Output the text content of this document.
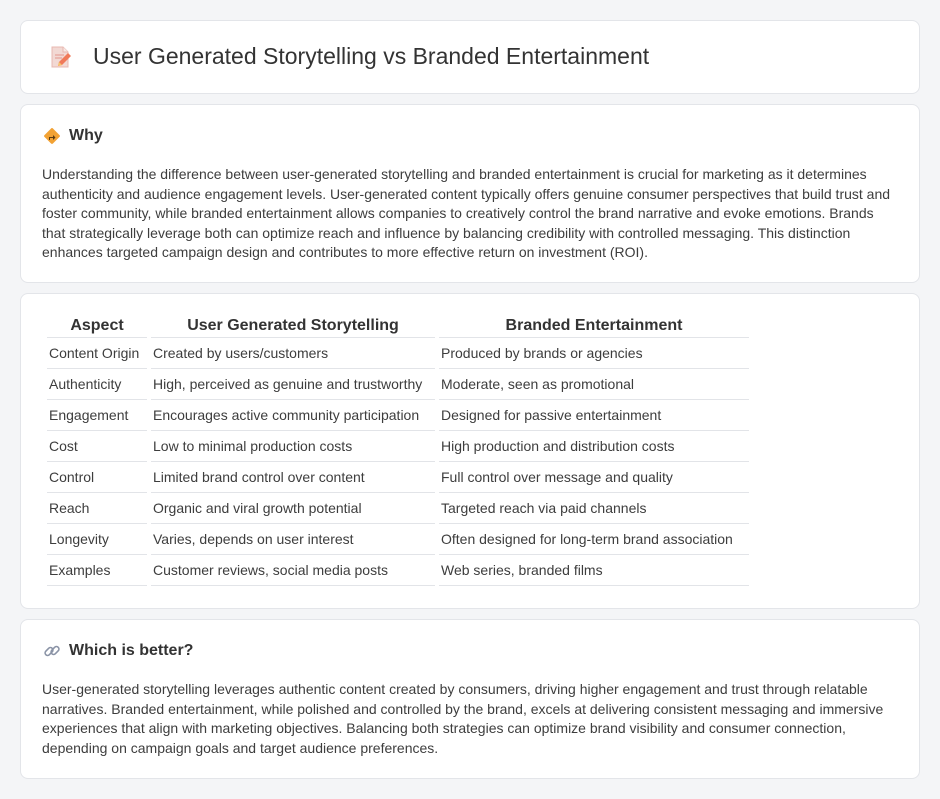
User Generated Storytelling vs Branded Entertainment
Why

Understanding the difference between user-generated storytelling and branded entertainment is crucial for marketing as it determines authenticity and audience engagement levels. User-generated content typically offers genuine consumer perspectives that build trust and foster community, while branded entertainment allows companies to creatively control the brand narrative and evoke emotions. Brands that strategically leverage both can optimize reach and influence by balancing credibility with controlled messaging. This distinction enhances targeted campaign design and contributes to more effective return on investment (ROI).

Aspect	User Generated Storytelling	Branded Entertainment
Content Origin	Created by users/customers	Produced by brands or agencies
Authenticity	High, perceived as genuine and trustworthy	Moderate, seen as promotional
Engagement	Encourages active community participation	Designed for passive entertainment
Cost	Low to minimal production costs	High production and distribution costs
Control	Limited brand control over content	Full control over message and quality
Reach	Organic and viral growth potential	Targeted reach via paid channels
Longevity	Varies, depends on user interest	Often designed for long-term brand association
Examples	Customer reviews, social media posts	Web series, branded films
Which is better?

User-generated storytelling leverages authentic content created by consumers, driving higher engagement and trust through relatable narratives. Branded entertainment, while polished and controlled by the brand, excels at delivering consistent messaging and immersive experiences that align with marketing objectives. Balancing both strategies can optimize brand visibility and consumer connection, depending on campaign goals and target audience preferences.
